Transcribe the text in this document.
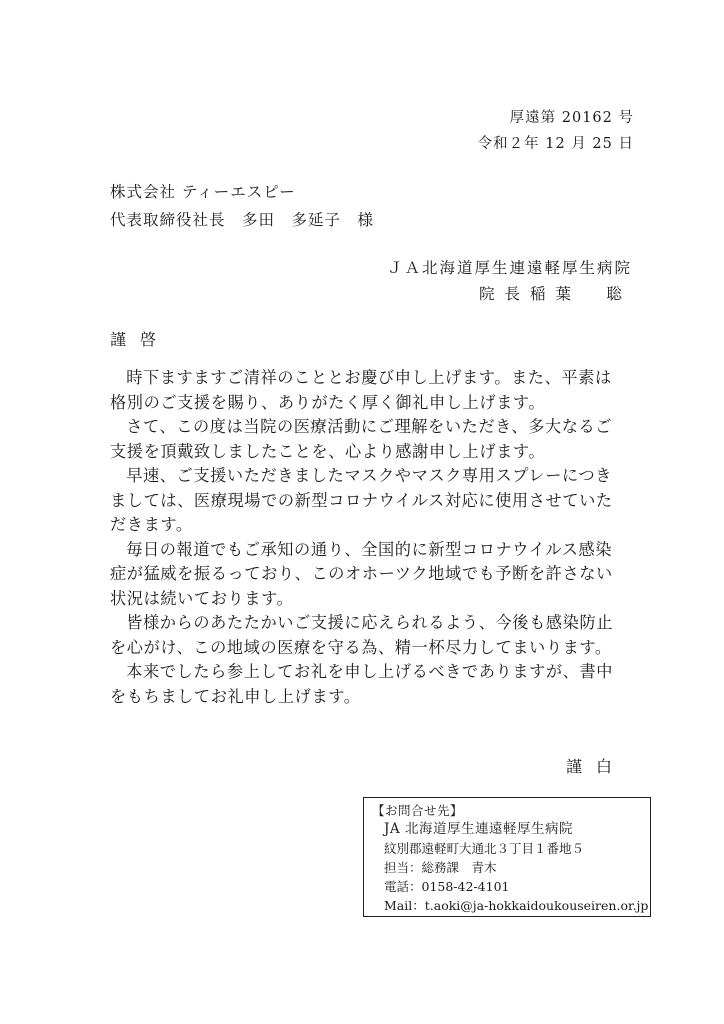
厚遠第 20162 号
令和２年 12 月 25 日
株式会社 ティーエスピー
代表取締役社長　多田　多延子　様
ＪＡ北海道厚生連遠軽厚生病院
院長稲葉　聡
謹啓

時下ますますご清祥のこととお慶び申し上げます。また、平素は格別のご支援を賜り、ありがたく厚く御礼申し上げます。

さて、この度は当院の医療活動にご理解をいただき、多大なるご支援を頂戴致しましたことを、心より感謝申し上げます。

早速、ご支援いただきましたマスクやマスク専用スプレーにつきましては、医療現場での新型コロナウイルス対応に使用させていただきます。

毎日の報道でもご承知の通り、全国的に新型コロナウイルス感染症が猛威を振るっており、このオホーツク地域でも予断を許さない状況は続いております。

皆様からのあたたかいご支援に応えられるよう、今後も感染防止を心がけ、この地域の医療を守る為、精一杯尽力してまいります。

本来でしたら参上してお礼を申し上げるべきでありますが、書中をもちましてお礼申し上げます。

謹白
【お問合せ先】
JA 北海道厚生連遠軽厚生病院
紋別郡遠軽町大通北３丁目１番地５
担当：総務課　青木
電話：0158-42-4101
Mail：t.aoki@ja-hokkaidoukouseiren.or.jp
